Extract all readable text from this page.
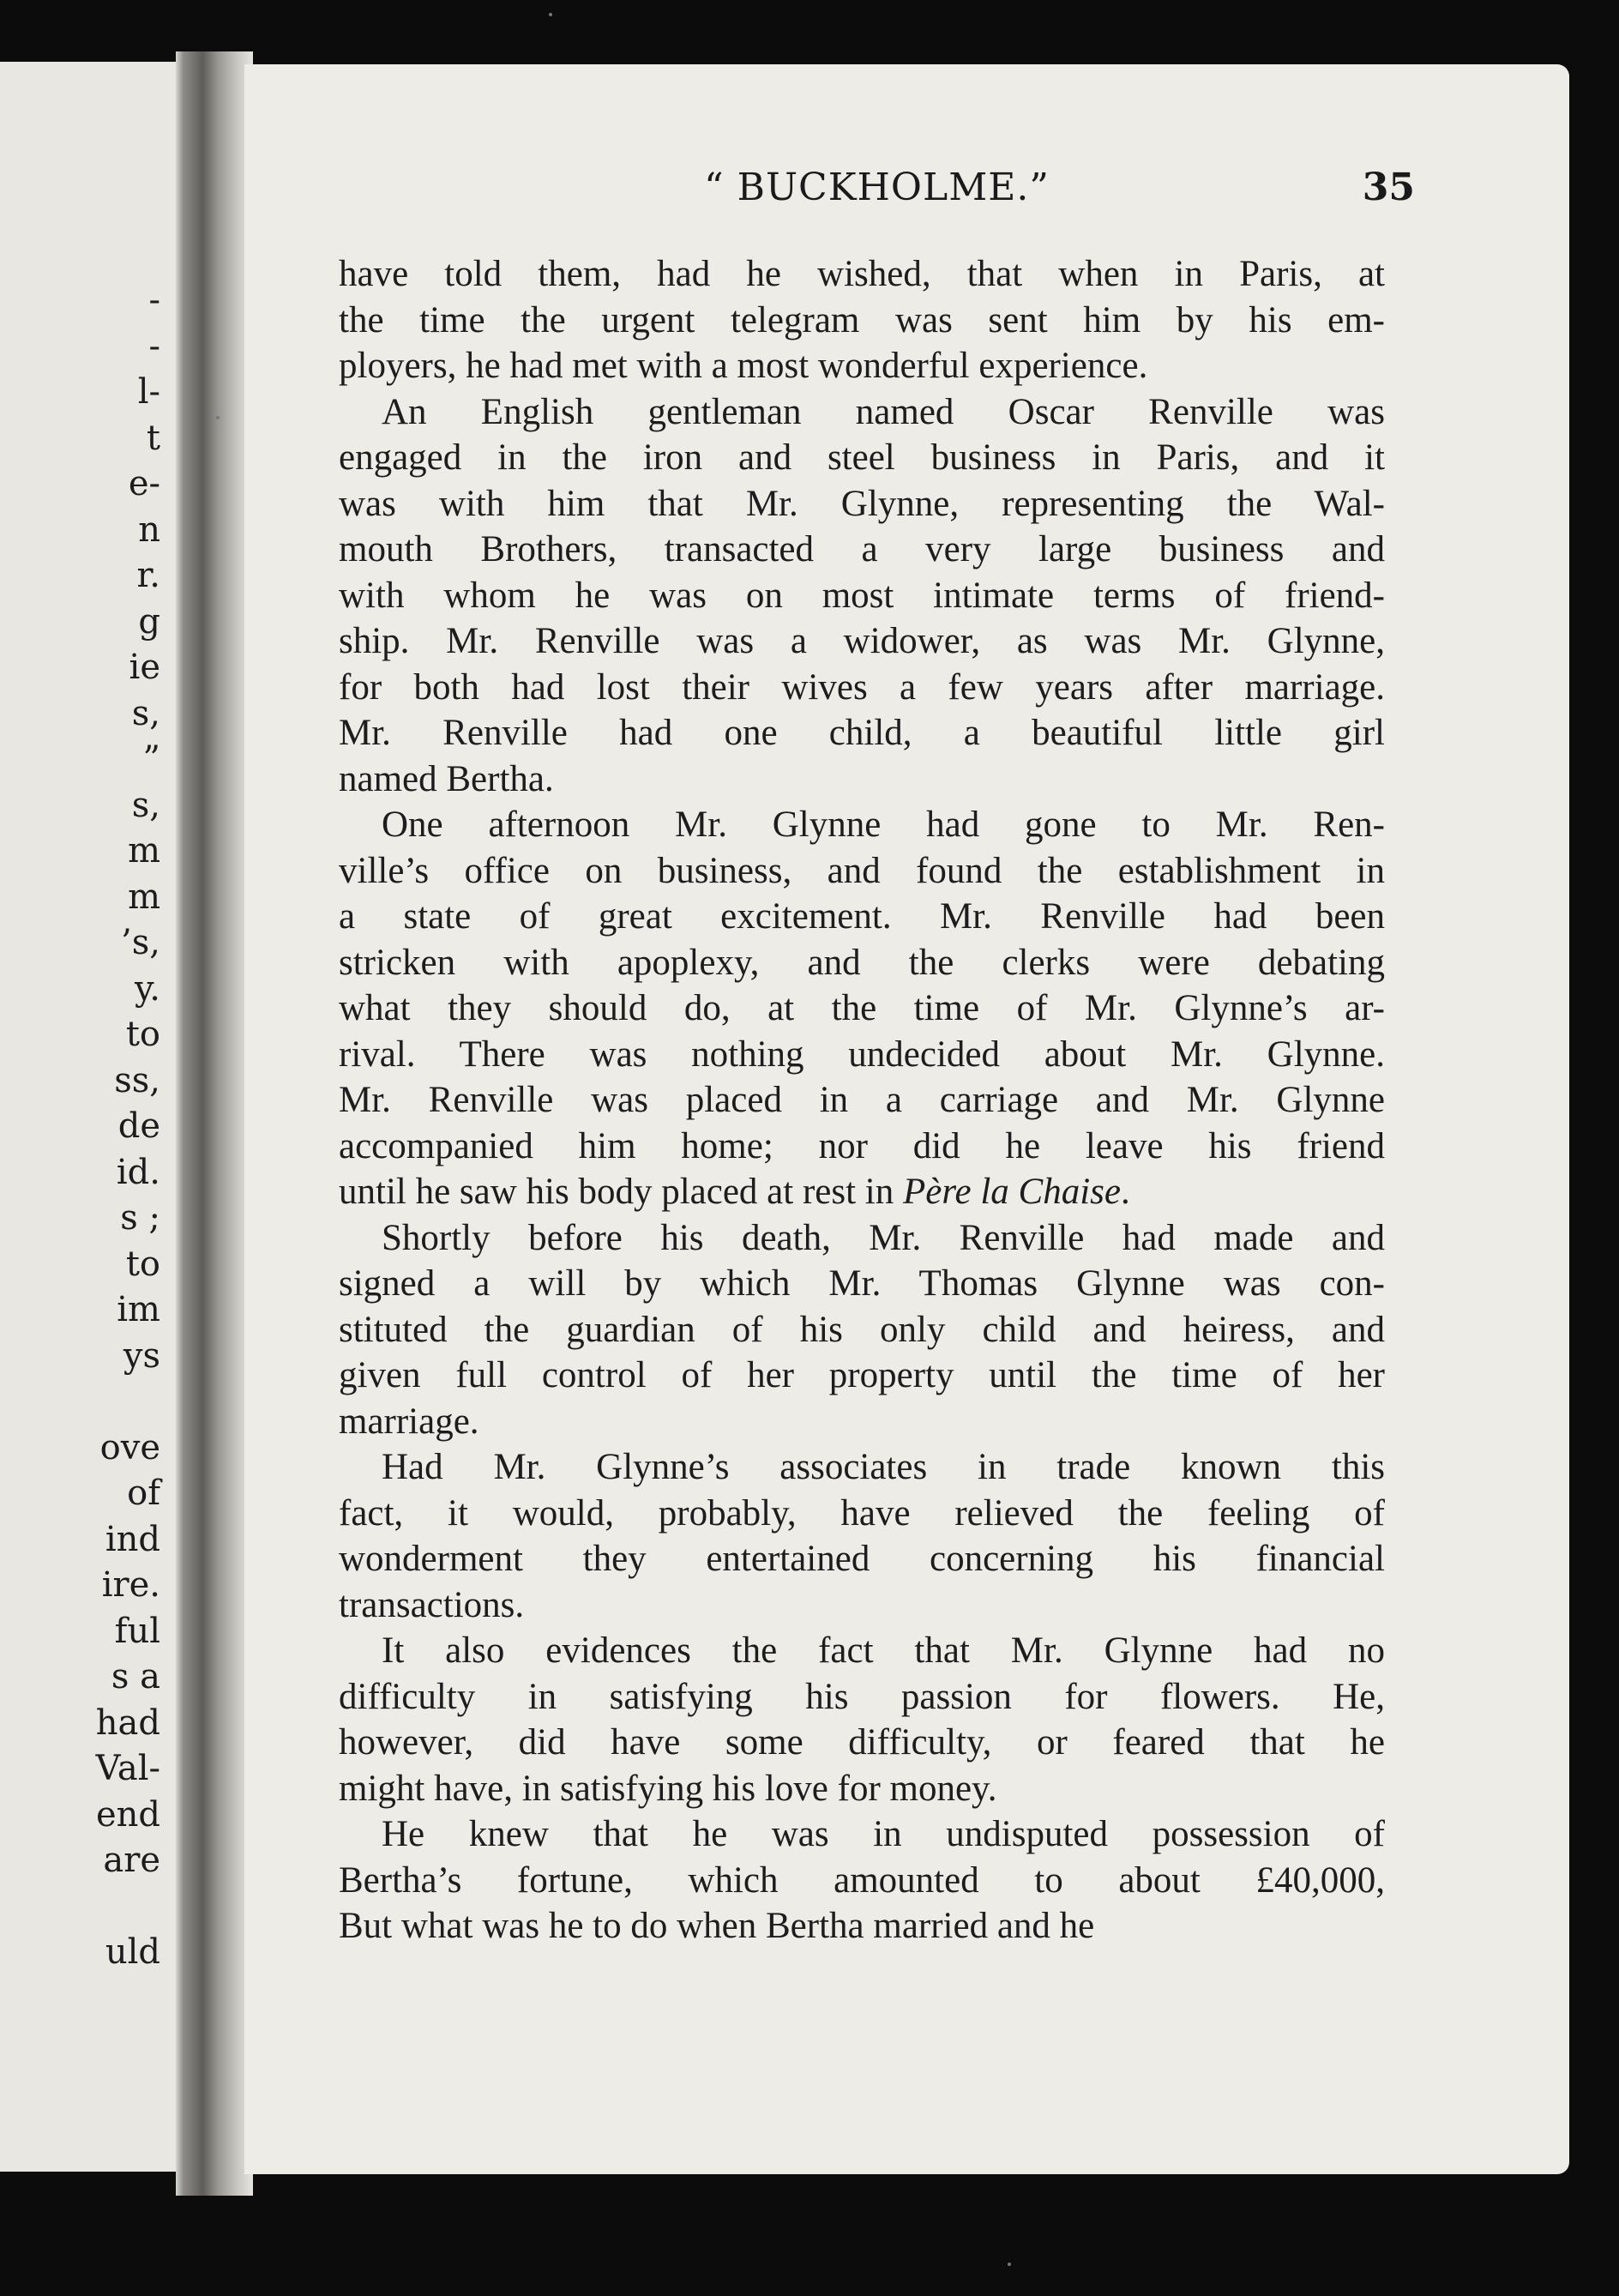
-
-
l-
t
e-
n
r.
g
ie
s,
”
s,
m
m
’s,
y.
to
ss,
de
id.
s ;
to
im
ys
ove
of
ind
ire.
ful
s a
had
Val-
end
are
uld
“ BUCKHOLME.”	35

have told them, had he wished, that when in Paris, at
the time the urgent telegram was sent him by his em-
ployers, he had met with a most wonderful experience.

An English gentleman named Oscar Renville was
engaged in the iron and steel business in Paris, and it
was with him that Mr. Glynne, representing the Wal-
mouth Brothers, transacted a very large business and
with whom he was on most intimate terms of friend-
ship. Mr. Renville was a widower, as was Mr. Glynne,
for both had lost their wives a few years after marriage.
Mr. Renville had one child, a beautiful little girl
named Bertha.

One afternoon Mr. Glynne had gone to Mr. Ren-
ville’s office on business, and found the establishment in
a state of great excitement. Mr. Renville had been
stricken with apoplexy, and the clerks were debating
what they should do, at the time of Mr. Glynne’s ar-
rival. There was nothing undecided about Mr. Glynne.
Mr. Renville was placed in a carriage and Mr. Glynne
accompanied him home; nor did he leave his friend
until he saw his body placed at rest in Père la Chaise.

Shortly before his death, Mr. Renville had made and
signed a will by which Mr. Thomas Glynne was con-
stituted the guardian of his only child and heiress, and
given full control of her property until the time of her
marriage.

Had Mr. Glynne’s associates in trade known this
fact, it would, probably, have relieved the feeling of
wonderment they entertained concerning his financial
transactions.

It also evidences the fact that Mr. Glynne had no
difficulty in satisfying his passion for flowers. He,
however, did have some difficulty, or feared that he
might have, in satisfying his love for money.

He knew that he was in undisputed possession of
Bertha’s fortune, which amounted to about £40,000,
But what was he to do when Bertha married and he
